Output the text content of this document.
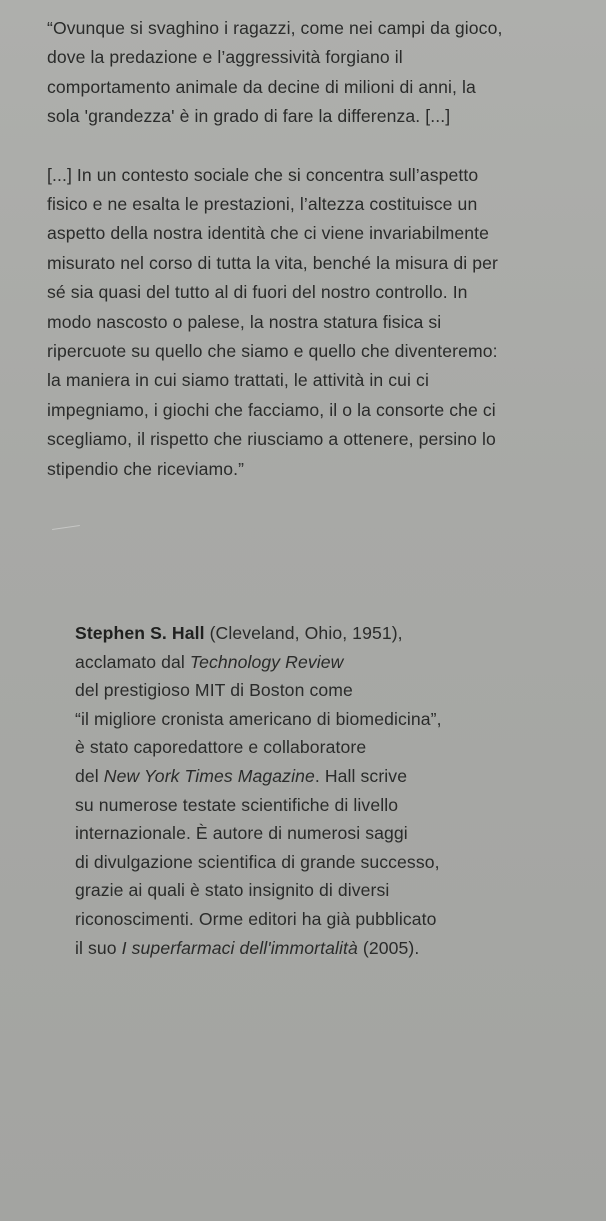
“Ovunque si svaghino i ragazzi, come nei campi da gioco,
dove la predazione e l’aggressività forgiano il
comportamento animale da decine di milioni di anni, la
sola 'grandezza' è in grado di fare la differenza. [...]
[...] In un contesto sociale che si concentra sull’aspetto
fisico e ne esalta le prestazioni, l’altezza costituisce un
aspetto della nostra identità che ci viene invariabilmente
misurato nel corso di tutta la vita, benché la misura di per
sé sia quasi del tutto al di fuori del nostro controllo. In
modo nascosto o palese, la nostra statura fisica si
ripercuote su quello che siamo e quello che diventeremo:
la maniera in cui siamo trattati, le attività in cui ci
impegniamo, i giochi che facciamo, il o la consorte che ci
scegliamo, il rispetto che riusciamo a ottenere, persino lo
stipendio che riceviamo.”
Stephen S. Hall (Cleveland, Ohio, 1951),
acclamato dal Technology Review
del prestigioso MIT di Boston come
“il migliore cronista americano di biomedicina”,
è stato caporedattore e collaboratore
del New York Times Magazine. Hall scrive
su numerose testate scientifiche di livello
internazionale. È autore di numerosi saggi
di divulgazione scientifica di grande successo,
grazie ai quali è stato insignito di diversi
riconoscimenti. Orme editori ha già pubblicato
il suo I superfarmaci dell'immortalità (2005).
